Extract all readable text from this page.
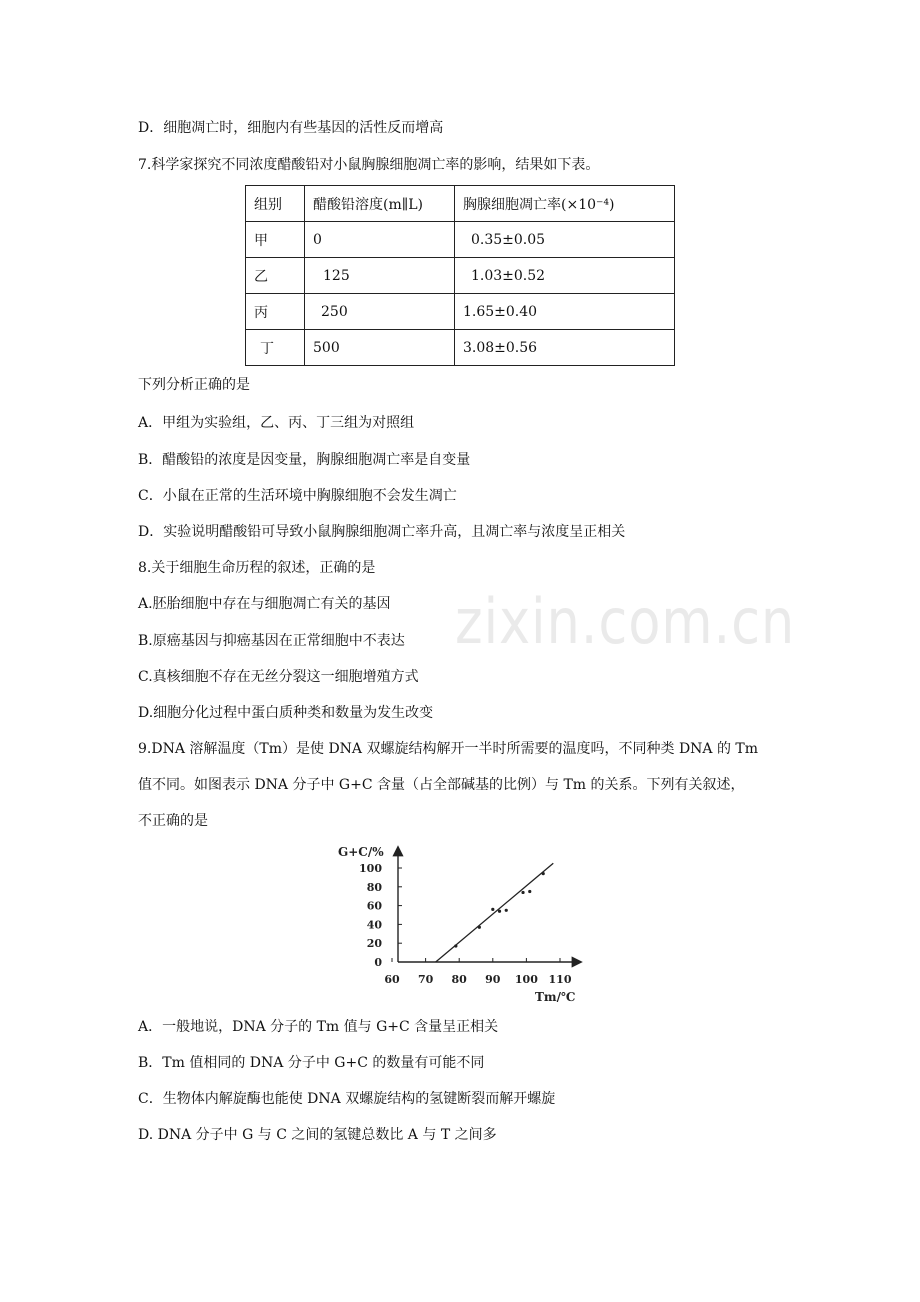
D．细胞凋亡时，细胞内有些基因的活性反而增高
7.科学家探究不同浓度醋酸铅对小鼠胸腺细胞凋亡率的影响，结果如下表。
组别	醋酸铅溶度(m∥L)	胸腺细胞凋亡率(×10⁻⁴)
甲	0	0.35±0.05
乙	125	1.03±0.52
丙	250	1.65±0.40
丁	500	3.08±0.56
下列分析正确的是
A．甲组为实验组，乙、丙、丁三组为对照组
B．醋酸铅的浓度是因变量，胸腺细胞凋亡率是自变量
C．小鼠在正常的生活环境中胸腺细胞不会发生凋亡
D．实验说明醋酸铅可导致小鼠胸腺细胞凋亡率升高，且凋亡率与浓度呈正相关
8.关于细胞生命历程的叙述，正确的是
A.胚胎细胞中存在与细胞凋亡有关的基因
B.原癌基因与抑癌基因在正常细胞中不表达
C.真核细胞不存在无丝分裂这一细胞增殖方式
D.细胞分化过程中蛋白质种类和数量为发生改变
9.DNA 溶解温度（Tm）是使 DNA 双螺旋结构解开一半时所需要的温度吗，不同种类 DNA 的 Tm
值不同。如图表示 DNA 分子中 G+C 含量（占全部碱基的比例）与 Tm 的关系。下列有关叙述，
不正确的是
zixin.com.cn
G+C/%
Tm/℃
0
20
40
60
80
100
60 70 80 90 100 110
A．一般地说，DNA 分子的 Tm 值与 G+C 含量呈正相关
B．Tm 值相同的 DNA 分子中 G+C 的数量有可能不同
C．生物体内解旋酶也能使 DNA 双螺旋结构的氢键断裂而解开螺旋
D. DNA 分子中 G 与 C 之间的氢键总数比 A 与 T 之间多
